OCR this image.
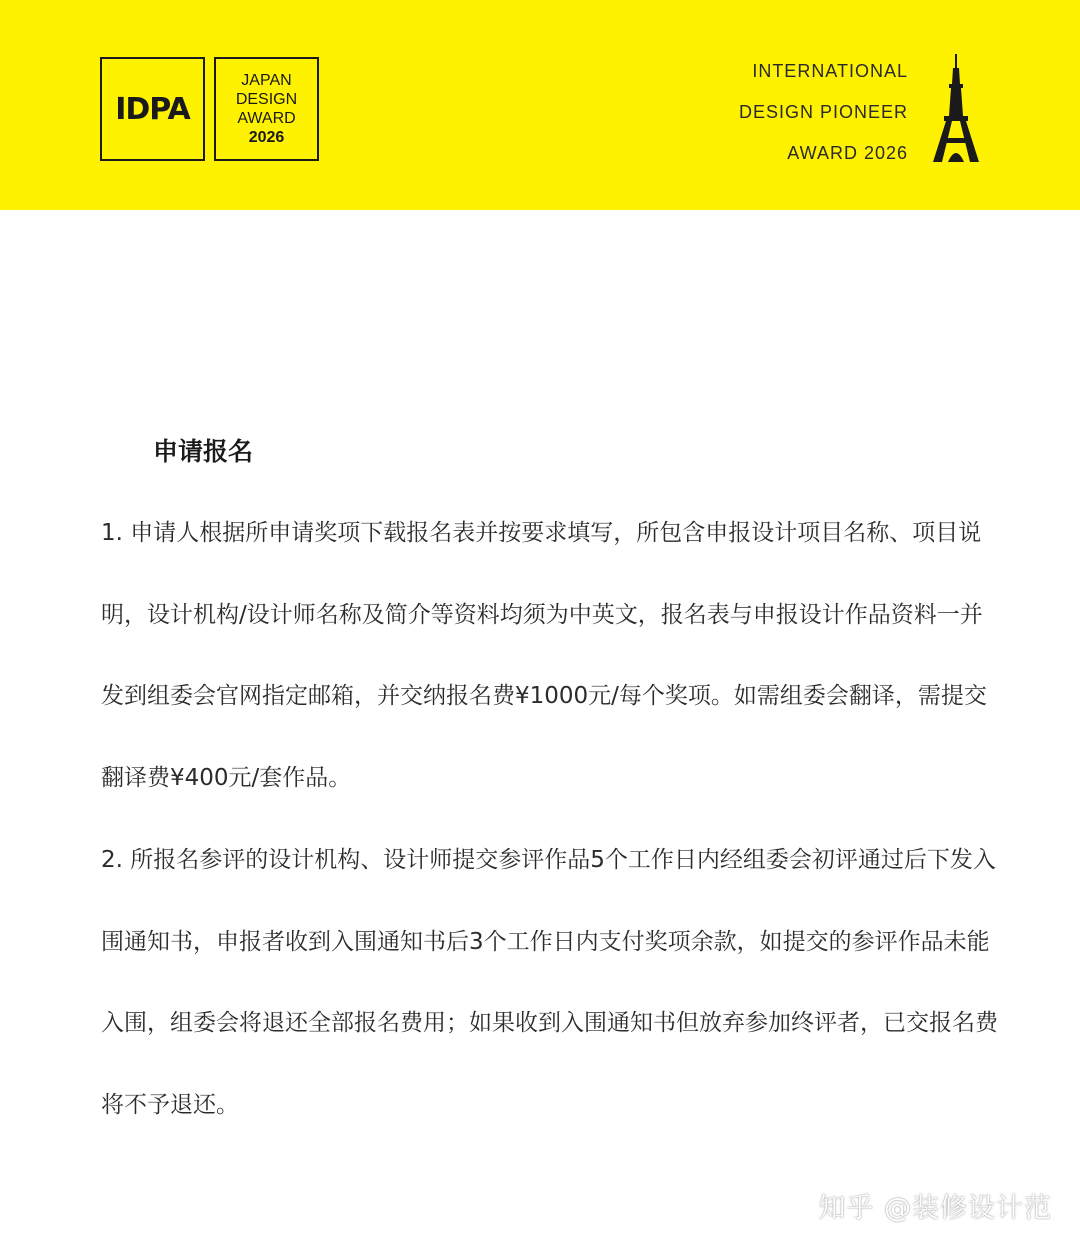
IDPA
JAPAN
DESIGN
AWARD
2026
INTERNATIONAL
DESIGN PIONEER
AWARD 2026
申请报名

1. 申请人根据所申请奖项下载报名表并按要求填写，所包含申报设计项目名称、项目说明，设计机构/设计师名称及简介等资料均须为中英文，报名表与申报设计作品资料一并发到组委会官网指定邮箱，并交纳报名费¥1000元/每个奖项。如需组委会翻译，需提交翻译费¥400元/套作品。

2. 所报名参评的设计机构、设计师提交参评作品5个工作日内经组委会初评通过后下发入围通知书，申报者收到入围通知书后3个工作日内支付奖项余款，如提交的参评作品未能入围，组委会将退还全部报名费用；如果收到入围通知书但放弃参加终评者，已交报名费将不予退还。

知乎 @装修设计范
